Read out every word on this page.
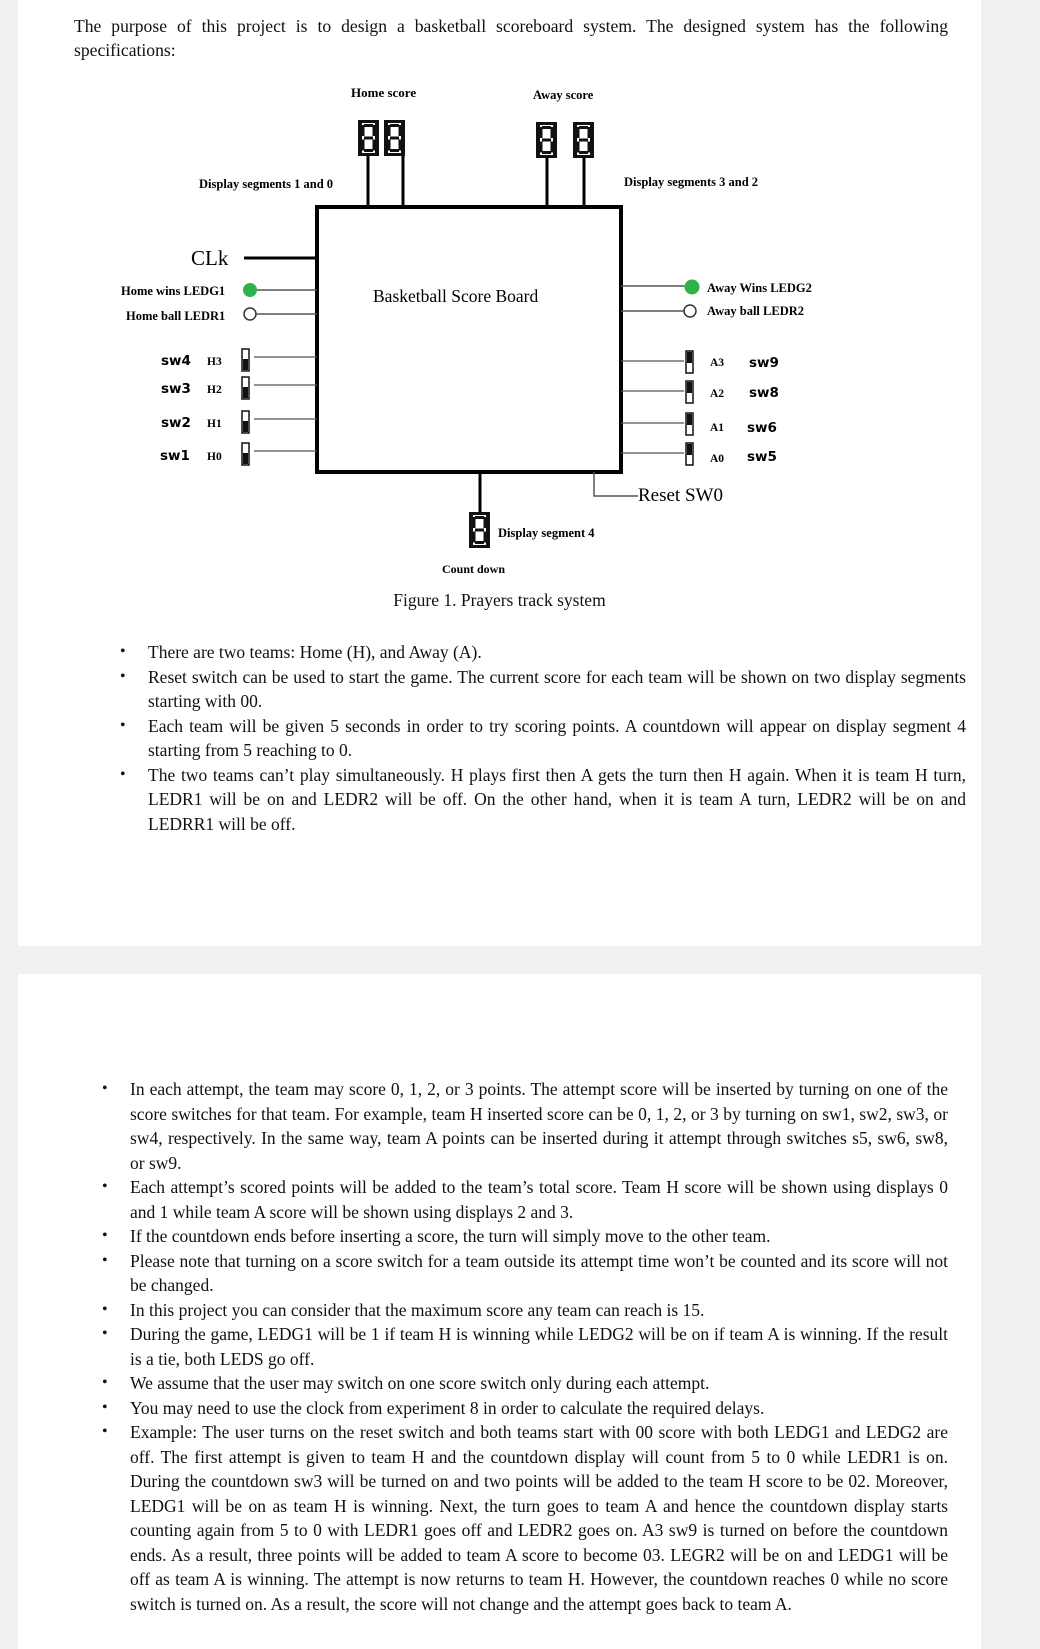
The purpose of this project is to design a basketball scoreboard system. The designed system has the following specifications:

Home score	Away score
Display segments 1 and 0	Display segments 3 and 2
Basketball Score Board
CLk
Home wins LEDG1
Home ball LEDR1
sw4 H3
sw3 H2
sw2 H1
sw1 H0
Away Wins LEDG2
Away ball LEDR2
A3 sw9
A2 sw8
A1 sw6
A0 sw5
Reset SW0
Display segment 4
Count down
Figure 1. Prayers track system
• There are two teams: Home (H), and Away (A).
• Reset switch can be used to start the game. The current score for each team will be shown on two display segments starting with 00.
• Each team will be given 5 seconds in order to try scoring points. A countdown will appear on display segment 4 starting from 5 reaching to 0.
• The two teams can’t play simultaneously. H plays first then A gets the turn then H again. When it is team H turn, LEDR1 will be on and LEDR2 will be off. On the other hand, when it is team A turn, LEDR2 will be on and LEDRR1 will be off.
• In each attempt, the team may score 0, 1, 2, or 3 points. The attempt score will be inserted by turning on one of the score switches for that team. For example, team H inserted score can be 0, 1, 2, or 3 by turning on sw1, sw2, sw3, or sw4, respectively. In the same way, team A points can be inserted during it attempt through switches s5, sw6, sw8, or sw9.
• Each attempt’s scored points will be added to the team’s total score. Team H score will be shown using displays 0 and 1 while team A score will be shown using displays 2 and 3.
• If the countdown ends before inserting a score, the turn will simply move to the other team.
• Please note that turning on a score switch for a team outside its attempt time won’t be counted and its score will not be changed.
• In this project you can consider that the maximum score any team can reach is 15.
• During the game, LEDG1 will be 1 if team H is winning while LEDG2 will be on if team A is winning. If the result is a tie, both LEDS go off.
• We assume that the user may switch on one score switch only during each attempt.
• You may need to use the clock from experiment 8 in order to calculate the required delays.
• Example: The user turns on the reset switch and both teams start with 00 score with both LEDG1 and LEDG2 are off. The first attempt is given to team H and the countdown display will count from 5 to 0 while LEDR1 is on. During the countdown sw3 will be turned on and two points will be added to the team H score to be 02. Moreover, LEDG1 will be on as team H is winning. Next, the turn goes to team A and hence the countdown display starts counting again from 5 to 0 with LEDR1 goes off and LEDR2 goes on. A3 sw9 is turned on before the countdown ends. As a result, three points will be added to team A score to become 03. LEGR2 will be on and LEDG1 will be off as team A is winning. The attempt is now returns to team H. However, the countdown reaches 0 while no score switch is turned on. As a result, the score will not change and the attempt goes back to team A.
